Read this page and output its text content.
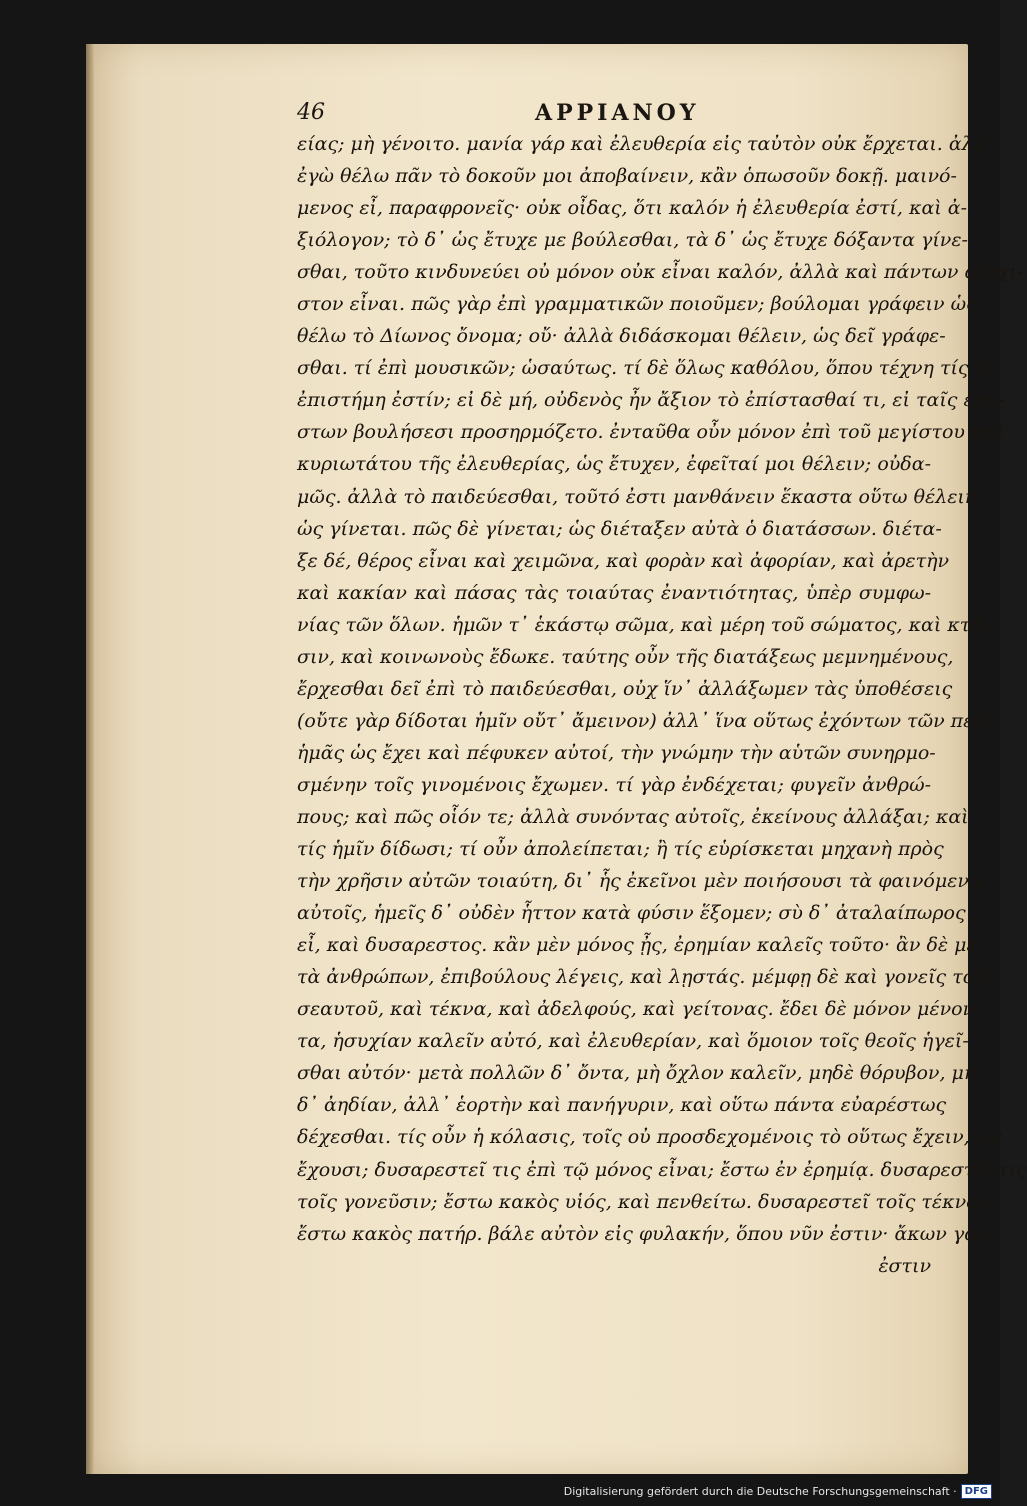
46	ΑΡΡΙΑΝΟΥ
είας; μὴ γένοιτο. μανία γάρ καὶ ἐλευθερία εἰς ταὐτὸν οὐκ ἔρχεται. ἀλλ᾽
ἐγὼ θέλω πᾶν τὸ δοκοῦν μοι ἀποβαίνειν, κἂν ὁπωσοῦν δοκῇ. μαινό-
μενος εἶ, παραφρονεῖς· οὐκ οἶδας, ὅτι καλόν ἡ ἐλευθερία ἐστί, καὶ ἀ-
ξιόλογον; τὸ δ᾽ ὡς ἔτυχε με βούλεσθαι, τὰ δ᾽ ὡς ἔτυχε δόξαντα γίνε-
σθαι, τοῦτο κινδυνεύει οὐ μόνον οὐκ εἶναι καλόν, ἀλλὰ καὶ πάντων αἴσχι-
στον εἶναι. πῶς γὰρ ἐπὶ γραμματικῶν ποιοῦμεν; βούλομαι γράφειν ὡς
θέλω τὸ Δίωνος ὄνομα; οὔ· ἀλλὰ διδάσκομαι θέλειν, ὡς δεῖ γράφε-
σθαι. τί ἐπὶ μουσικῶν; ὡσαύτως. τί δὲ ὅλως καθόλου, ὅπου τέχνη τίς ἢ
ἐπιστήμη ἐστίν; εἰ δὲ μή, οὐδενὸς ἦν ἄξιον τὸ ἐπίστασθαί τι, εἰ ταῖς ἑκά-
στων βουλήσεσι προσηρμόζετο. ἐνταῦθα οὖν μόνον ἐπὶ τοῦ μεγίστου καὶ
κυριωτάτου τῆς ἐλευθερίας, ὡς ἔτυχεν, ἐφεῖταί μοι θέλειν; οὐδα-
μῶς. ἀλλὰ τὸ παιδεύεσθαι, τοῦτό ἐστι μανθάνειν ἕκαστα οὕτω θέλειν,
ὡς γίνεται. πῶς δὲ γίνεται; ὡς διέταξεν αὐτὰ ὁ διατάσσων. διέτα-
ξε δέ, θέρος εἶναι καὶ χειμῶνα, καὶ φορὰν καὶ ἀφορίαν, καὶ ἀρετὴν
καὶ κακίαν καὶ πάσας τὰς τοιαύτας ἐναντιότητας, ὑπὲρ συμφω-
νίας τῶν ὅλων. ἡμῶν τ᾽ ἑκάστῳ σῶμα, καὶ μέρη τοῦ σώματος, καὶ κτῆ-
σιν, καὶ κοινωνοὺς ἔδωκε. ταύτης οὖν τῆς διατάξεως μεμνημένους,
ἔρχεσθαι δεῖ ἐπὶ τὸ παιδεύεσθαι, οὐχ ἵν᾽ ἀλλάξωμεν τὰς ὑποθέσεις
(οὔτε γὰρ δίδοται ἡμῖν οὔτ᾽ ἄμεινον) ἀλλ᾽ ἵνα οὕτως ἐχόντων τῶν περὶ
ἡμᾶς ὡς ἔχει καὶ πέφυκεν αὐτοί, τὴν γνώμην τὴν αὑτῶν συνηρμο-
σμένην τοῖς γινομένοις ἔχωμεν. τί γὰρ ἐνδέχεται; φυγεῖν ἀνθρώ-
πους; καὶ πῶς οἷόν τε; ἀλλὰ συνόντας αὐτοῖς, ἐκείνους ἀλλάξαι; καὶ
τίς ἡμῖν δίδωσι; τί οὖν ἀπολείπεται; ἢ τίς εὑρίσκεται μηχανὴ πρὸς
τὴν χρῆσιν αὐτῶν τοιαύτη, δι᾽ ἧς ἐκεῖνοι μὲν ποιήσουσι τὰ φαινόμενα
αὐτοῖς, ἡμεῖς δ᾽ οὐδὲν ἧττον κατὰ φύσιν ἕξομεν; σὺ δ᾽ ἀταλαίπωρος
εἶ, καὶ δυσαρεστος. κἂν μὲν μόνος ᾖς, ἐρημίαν καλεῖς τοῦτο· ἂν δὲ με-
τὰ ἀνθρώπων, ἐπιβούλους λέγεις, καὶ λῃστάς. μέμφῃ δὲ καὶ γονεῖς τοὺς
σεαυτοῦ, καὶ τέκνα, καὶ ἀδελφούς, καὶ γείτονας. ἔδει δὲ μόνον μένον-
τα, ἡσυχίαν καλεῖν αὐτό, καὶ ἐλευθερίαν, καὶ ὅμοιον τοῖς θεοῖς ἡγεῖ-
σθαι αὐτόν· μετὰ πολλῶν δ᾽ ὄντα, μὴ ὄχλον καλεῖν, μηδὲ θόρυβον, μη-
δ᾽ ἀηδίαν, ἀλλ᾽ ἑορτὴν καὶ πανήγυριν, καὶ οὕτω πάντα εὐαρέστως
δέχεσθαι. τίς οὖν ἡ κόλασις, τοῖς οὐ προσδεχομένοις τὸ οὕτως ἔχειν, ὡς
ἔχουσι; δυσαρεστεῖ τις ἐπὶ τῷ μόνος εἶναι; ἔστω ἐν ἐρημίᾳ. δυσαρεστεῖ τις
τοῖς γονεῦσιν; ἔστω κακὸς υἱός, καὶ πενθείτω. δυσαρεστεῖ τοῖς τέκνοις;
ἔστω κακὸς πατήρ. βάλε αὐτὸν εἰς φυλακήν, ὅπου νῦν ἐστιν· ἄκων γὰρ
ἐστιν
Digitalisierung gefördert durch die Deutsche Forschungsgemeinschaft · DFG
